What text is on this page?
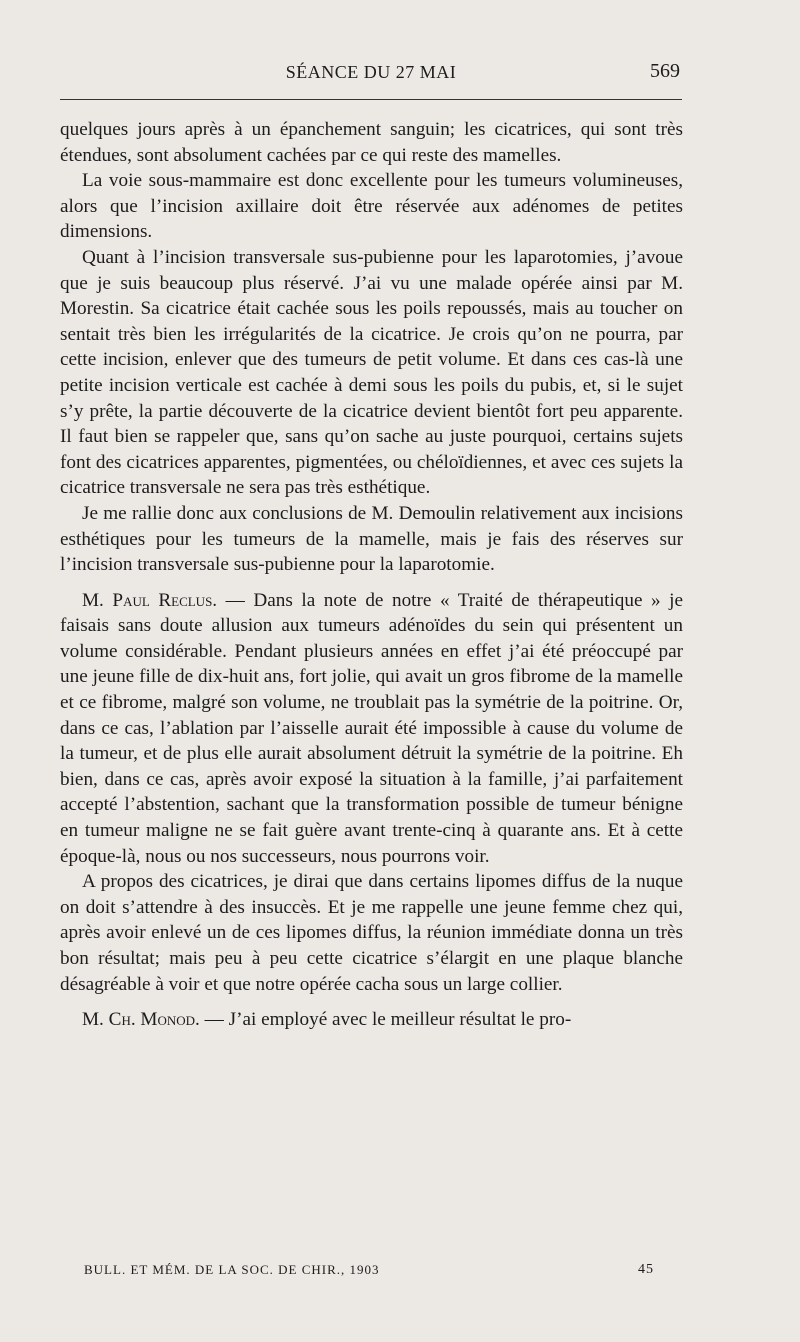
SÉANCE DU 27 MAI	569

quelques jours après à un épanchement sanguin; les cicatrices, qui sont très étendues, sont absolument cachées par ce qui reste des mamelles.

La voie sous-mammaire est donc excellente pour les tumeurs volumineuses, alors que l’incision axillaire doit être réservée aux adénomes de petites dimensions.

Quant à l’incision transversale sus-pubienne pour les laparotomies, j’avoue que je suis beaucoup plus réservé. J’ai vu une malade opérée ainsi par M. Morestin. Sa cicatrice était cachée sous les poils repoussés, mais au toucher on sentait très bien les irrégularités de la cicatrice. Je crois qu’on ne pourra, par cette incision, enlever que des tumeurs de petit volume. Et dans ces cas-là une petite incision verticale est cachée à demi sous les poils du pubis, et, si le sujet s’y prête, la partie découverte de la cicatrice devient bientôt fort peu apparente. Il faut bien se rappeler que, sans qu’on sache au juste pourquoi, certains sujets font des cicatrices apparentes, pigmentées, ou chéloïdiennes, et avec ces sujets la cicatrice transversale ne sera pas très esthétique.

Je me rallie donc aux conclusions de M. Demoulin relativement aux incisions esthétiques pour les tumeurs de la mamelle, mais je fais des réserves sur l’incision transversale sus-pubienne pour la laparotomie.

M. Paul Reclus. — Dans la note de notre « Traité de thérapeutique » je faisais sans doute allusion aux tumeurs adénoïdes du sein qui présentent un volume considérable. Pendant plusieurs années en effet j’ai été préoccupé par une jeune fille de dix-huit ans, fort jolie, qui avait un gros fibrome de la mamelle et ce fibrome, malgré son volume, ne troublait pas la symétrie de la poitrine. Or, dans ce cas, l’ablation par l’aisselle aurait été impossible à cause du volume de la tumeur, et de plus elle aurait absolument détruit la symétrie de la poitrine. Eh bien, dans ce cas, après avoir exposé la situation à la famille, j’ai parfaitement accepté l’abstention, sachant que la transformation possible de tumeur bénigne en tumeur maligne ne se fait guère avant trente-cinq à quarante ans. Et à cette époque-là, nous ou nos successeurs, nous pourrons voir.

A propos des cicatrices, je dirai que dans certains lipomes diffus de la nuque on doit s’attendre à des insuccès. Et je me rappelle une jeune femme chez qui, après avoir enlevé un de ces lipomes diffus, la réunion immédiate donna un très bon résultat; mais peu à peu cette cicatrice s’élargit en une plaque blanche désagréable à voir et que notre opérée cacha sous un large collier.

M. Ch. Monod. — J’ai employé avec le meilleur résultat le pro-

BULL. ET MÉM. DE LA SOC. DE CHIR., 1903	45
